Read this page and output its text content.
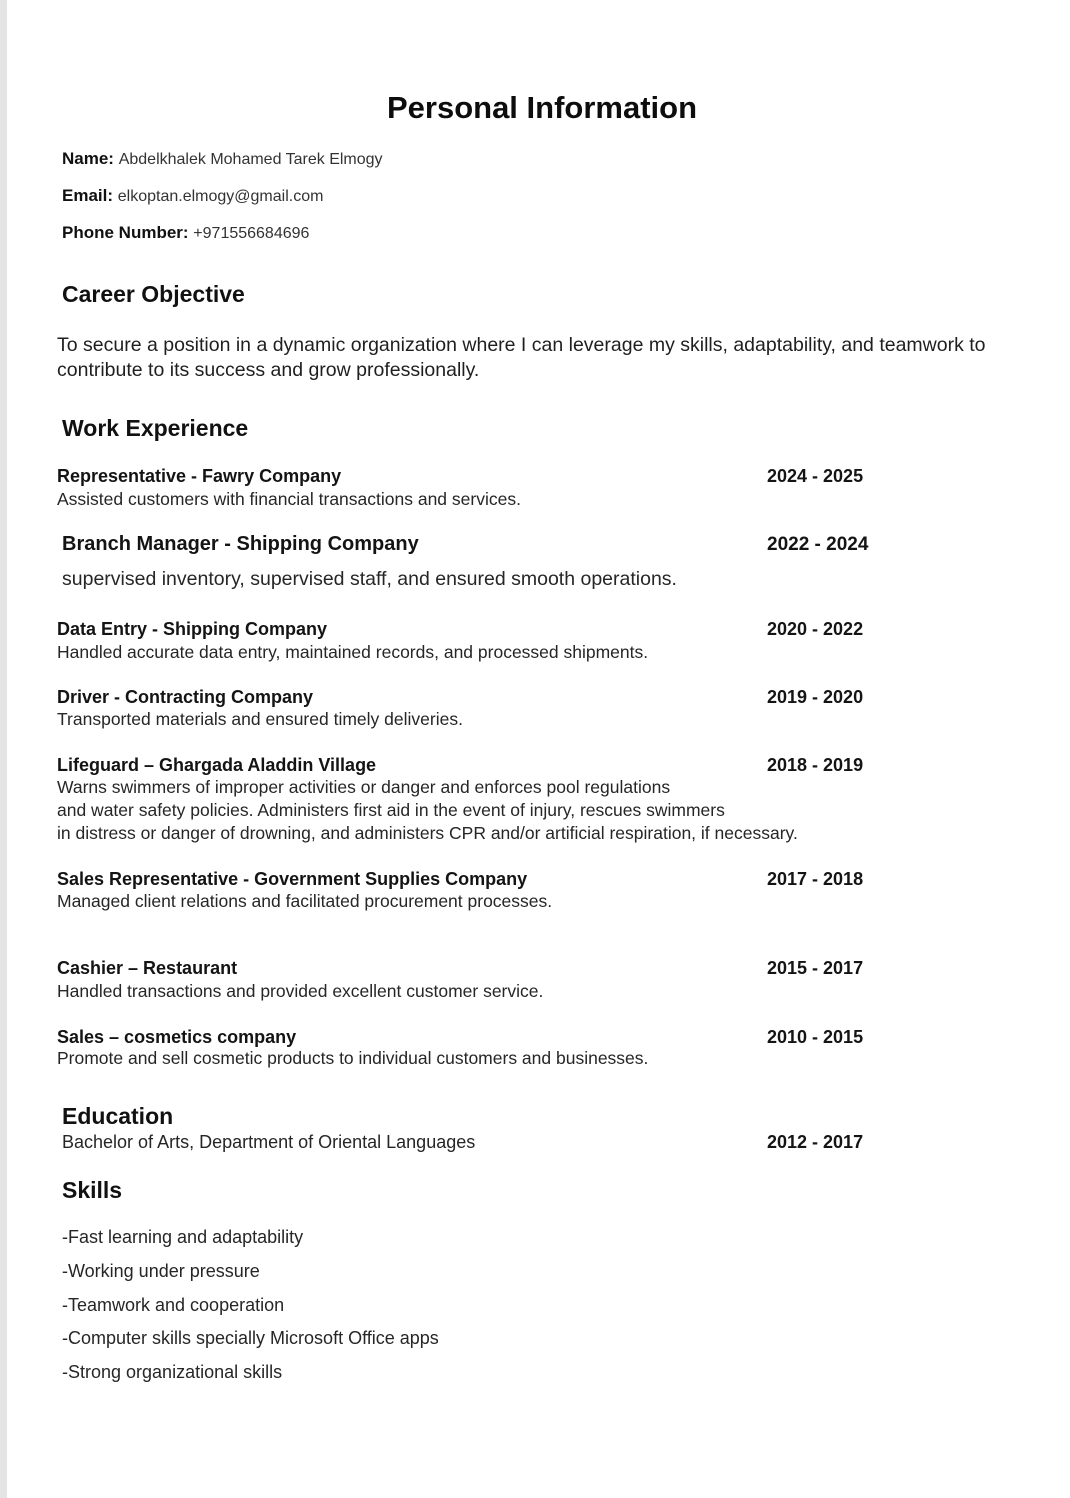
Personal Information
Name: Abdelkhalek Mohamed Tarek Elmogy
Email: elkoptan.elmogy@gmail.com
Phone Number: +971556684696
Career Objective
To secure a position in a dynamic organization where I can leverage my skills, adaptability, and teamwork to contribute to its success and grow professionally.
Work Experience
Representative - Fawry Company	2024 - 2025
Assisted customers with financial transactions and services.
Branch Manager - Shipping Company	2022 - 2024
supervised inventory, supervised staff, and ensured smooth operations.
Data Entry - Shipping Company	2020 - 2022
Handled accurate data entry, maintained records, and processed shipments.
Driver - Contracting Company	2019 - 2020
Transported materials and ensured timely deliveries.
Lifeguard – Ghargada Aladdin Village	2018 - 2019
Warns swimmers of improper activities or danger and enforces pool regulations
and water safety policies. Administers first aid in the event of injury, rescues swimmers
in distress or danger of drowning, and administers CPR and/or artificial respiration, if necessary.
Sales Representative - Government Supplies Company	2017 - 2018
Managed client relations and facilitated procurement processes.
Cashier – Restaurant	2015 - 2017
Handled transactions and provided excellent customer service.
Sales – cosmetics company	2010 - 2015
Promote and sell cosmetic products to individual customers and businesses.
Education
Bachelor of Arts, Department of Oriental Languages	2012 - 2017
Skills
-Fast learning and adaptability
-Working under pressure
-Teamwork and cooperation
-Computer skills specially Microsoft Office apps
-Strong organizational skills
